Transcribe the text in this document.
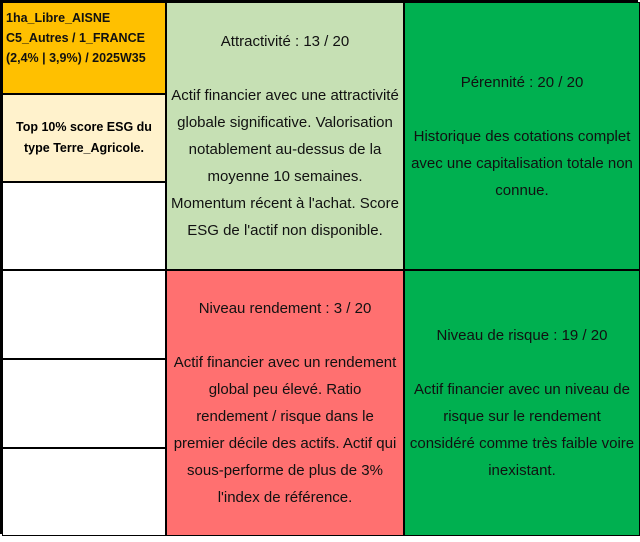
1ha_Libre_AISNE
C5_Autres / 1_FRANCE
(2,4% | 3,9%) / 2025W35
Top 10% score ESG du type Terre_Agricole.
Attractivité : 13 / 20
Actif financier avec une attractivité globale significative. Valorisation notablement au-dessus de la moyenne 10 semaines. Momentum récent à l'achat. Score ESG de l'actif non disponible.
Pérennité : 20 / 20
Historique des cotations complet avec une capitalisation totale non connue.
Niveau rendement : 3 / 20
Actif financier avec un rendement global peu élevé. Ratio rendement / risque dans le premier décile des actifs. Actif qui sous-performe de plus de 3% l'index de référence.
Niveau de risque : 19 / 20
Actif financier avec un niveau de risque sur le rendement considéré comme très faible voire inexistant.
